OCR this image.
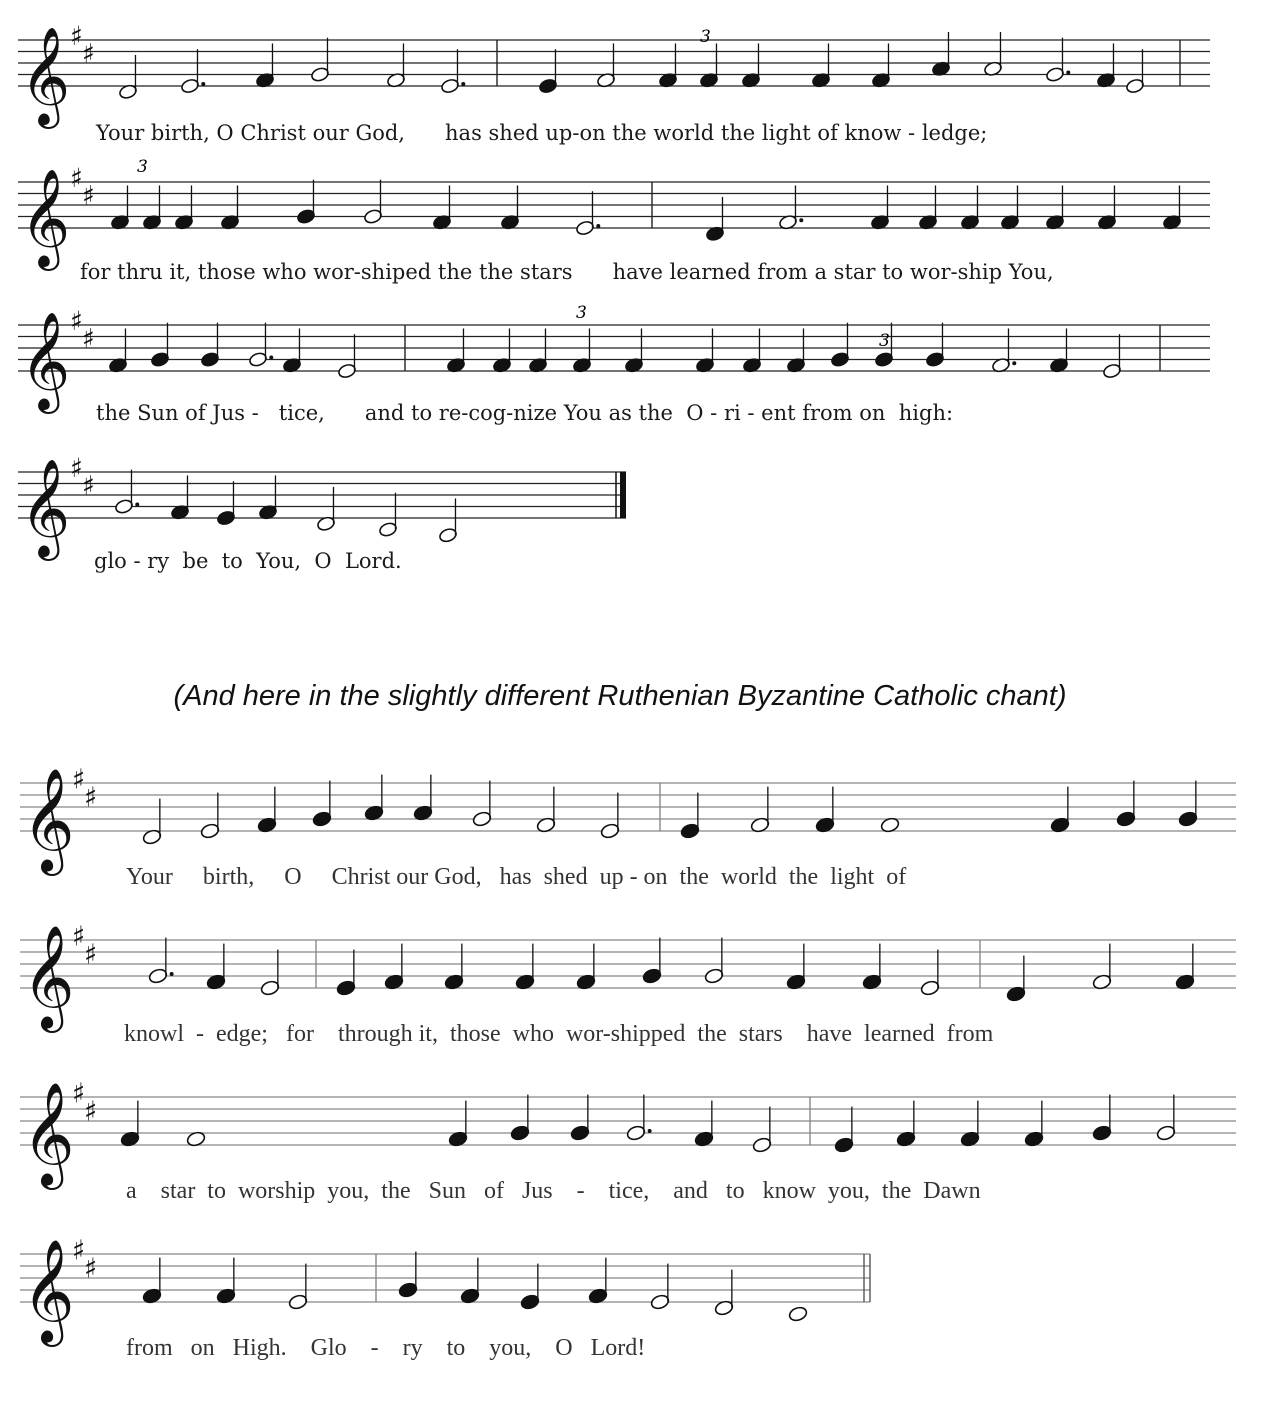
𝄞 ♯
♯
𝄞 ♯
♯
𝄞 ♯
♯
𝄞 ♯
♯
𝄞
♯
♯
𝄞
♯
♯
𝄞
♯
♯
𝄞
♯
♯
Your birth, O Christ our God,      has shed up-on the world the light of know - ledge;
for thru it, those who wor-shiped the the stars      have learned from a star to wor-ship You,
the Sun of Jus -   tice,      and to re-cog-nize You as the  O - ri - ent from on  high:
glo - ry  be  to  You,  O  Lord.
Your     birth,     O     Christ our God,   has  shed  up - on  the  world  the  light  of
knowl  -  edge;   for    through it,  those  who  wor-shipped  the  stars    have  learned  from
a    star  to  worship  you,  the   Sun   of   Jus    -    tice,    and   to   know  you,  the  Dawn
from   on   High.    Glo    -    ry    to    you,    O   Lord!
3
3
3
3
(And here in the slightly different Ruthenian Byzantine Catholic chant)
